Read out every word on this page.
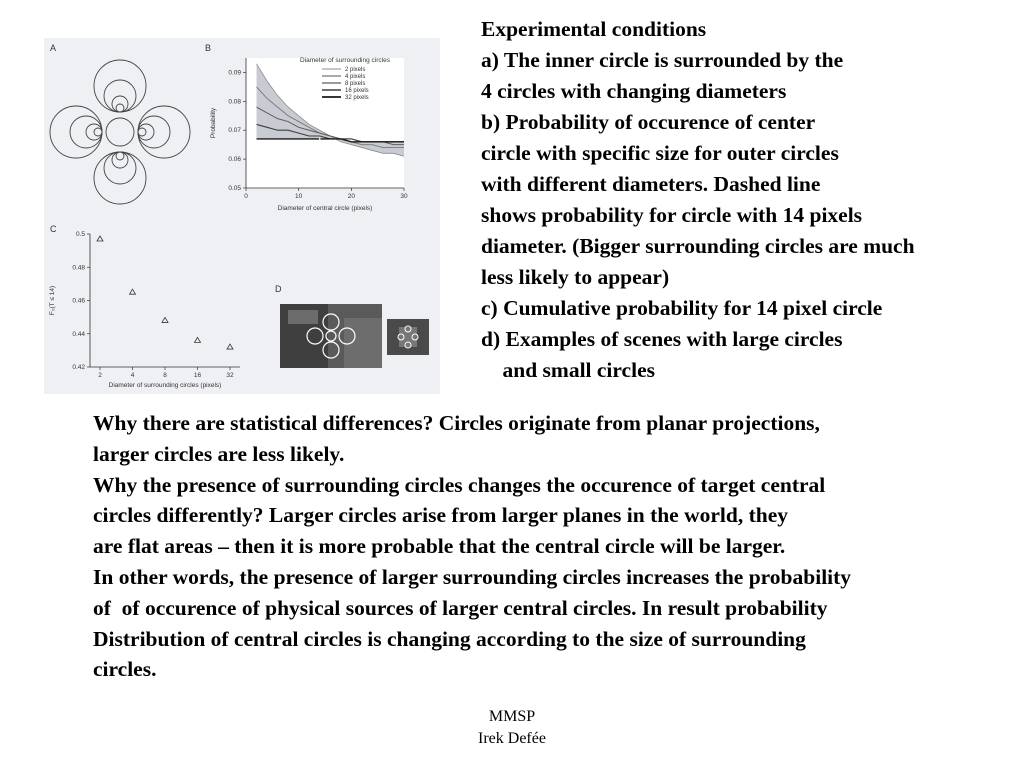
A	B
0	10	20	30
0.05
0.06
0.07
0.08
0.09
Diameter of central circle (pixels)
Probability
Diameter of surrounding circles
2 pixels
4 pixels
8 pixels
16 pixels
32 pixels
C
0.42
0.44
0.46
0.48
0.5
2	4	8	16	32
Diameter of surrounding circles (pixels)
F₀(T ≤ 14)	D
Experimental conditions
a) The inner circle is surrounded by the
4 circles with changing diameters
b) Probability of occurence of center
circle with specific size for outer circles
with different diameters. Dashed line
shows probability for circle with 14 pixels
diameter. (Bigger surrounding circles are much
less likely to appear)
c) Cumulative probability for 14 pixel circle
d) Examples of scenes with large circles
and small circles
Why there are statistical differences? Circles originate from planar projections,
larger circles are less likely.
Why the presence of surrounding circles changes the occurence of target central
circles differently? Larger circles arise from larger planes in the world, they
are flat areas – then it is more probable that the central circle will be larger.
In other words, the presence of larger surrounding circles increases the probability
of  of occurence of physical sources of larger central circles. In result probability
Distribution of central circles is changing according to the size of surrounding
circles.
MMSP
Irek Defée
